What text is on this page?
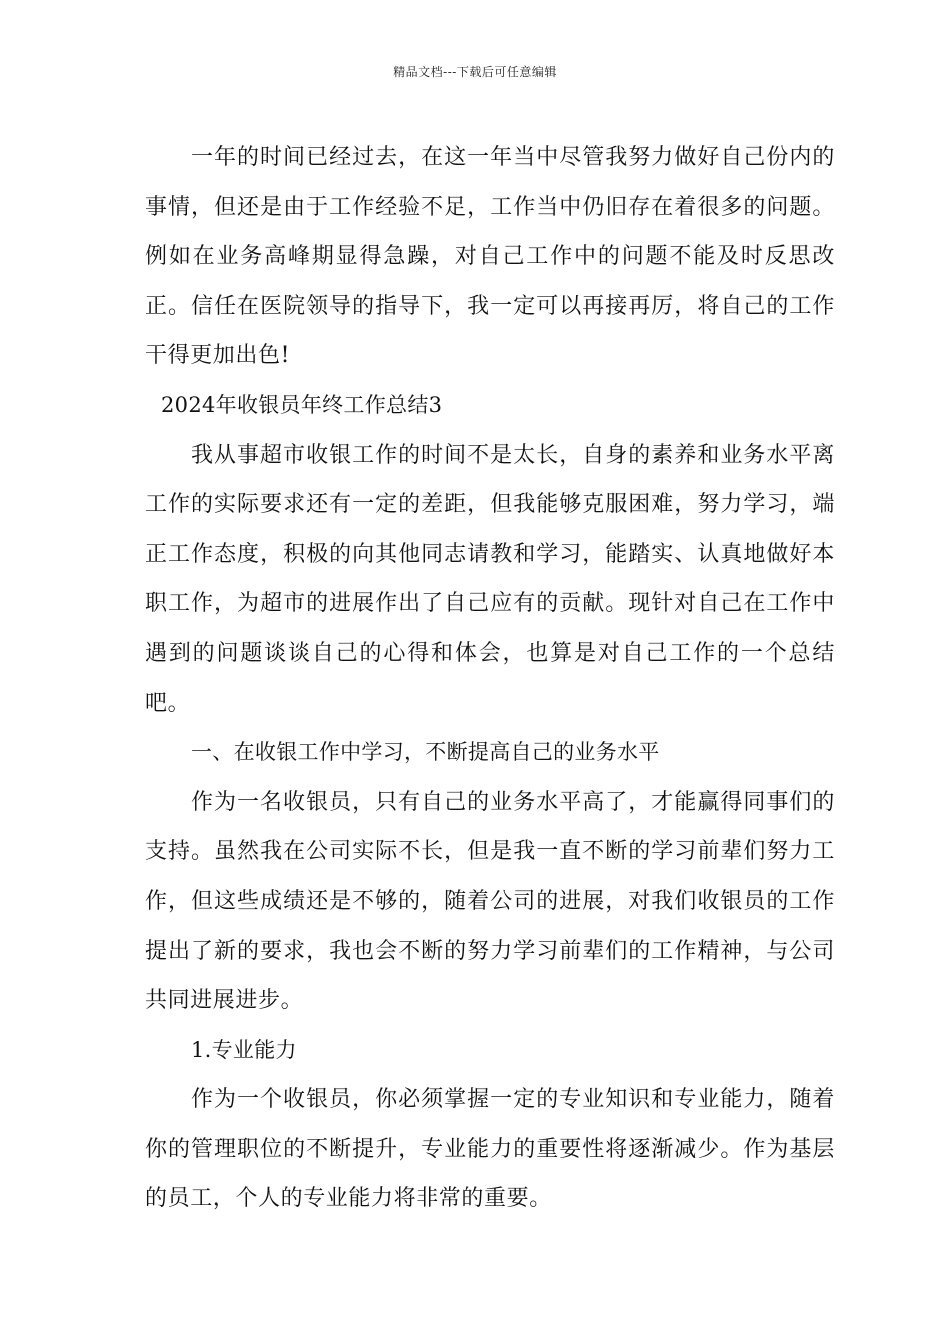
精品文档---下载后可任意编辑

一年的时间已经过去，在这一年当中尽管我努力做好自己份内的事情，但还是由于工作经验不足，工作当中仍旧存在着很多的问题。例如在业务高峰期显得急躁，对自己工作中的问题不能及时反思改正。信任在医院领导的指导下，我一定可以再接再厉，将自己的工作干得更加出色!

2024年收银员年终工作总结3

我从事超市收银工作的时间不是太长，自身的素养和业务水平离工作的实际要求还有一定的差距，但我能够克服困难，努力学习，端正工作态度，积极的向其他同志请教和学习，能踏实、认真地做好本职工作，为超市的进展作出了自己应有的贡献。现针对自己在工作中遇到的问题谈谈自己的心得和体会，也算是对自己工作的一个总结吧。

一、在收银工作中学习，不断提高自己的业务水平

作为一名收银员，只有自己的业务水平高了，才能赢得同事们的支持。虽然我在公司实际不长，但是我一直不断的学习前辈们努力工作，但这些成绩还是不够的，随着公司的进展，对我们收银员的工作提出了新的要求，我也会不断的努力学习前辈们的工作精神，与公司共同进展进步。

1.专业能力

作为一个收银员，你必须掌握一定的专业知识和专业能力，随着你的管理职位的不断提升，专业能力的重要性将逐渐减少。作为基层的员工，个人的专业能力将非常的重要。
